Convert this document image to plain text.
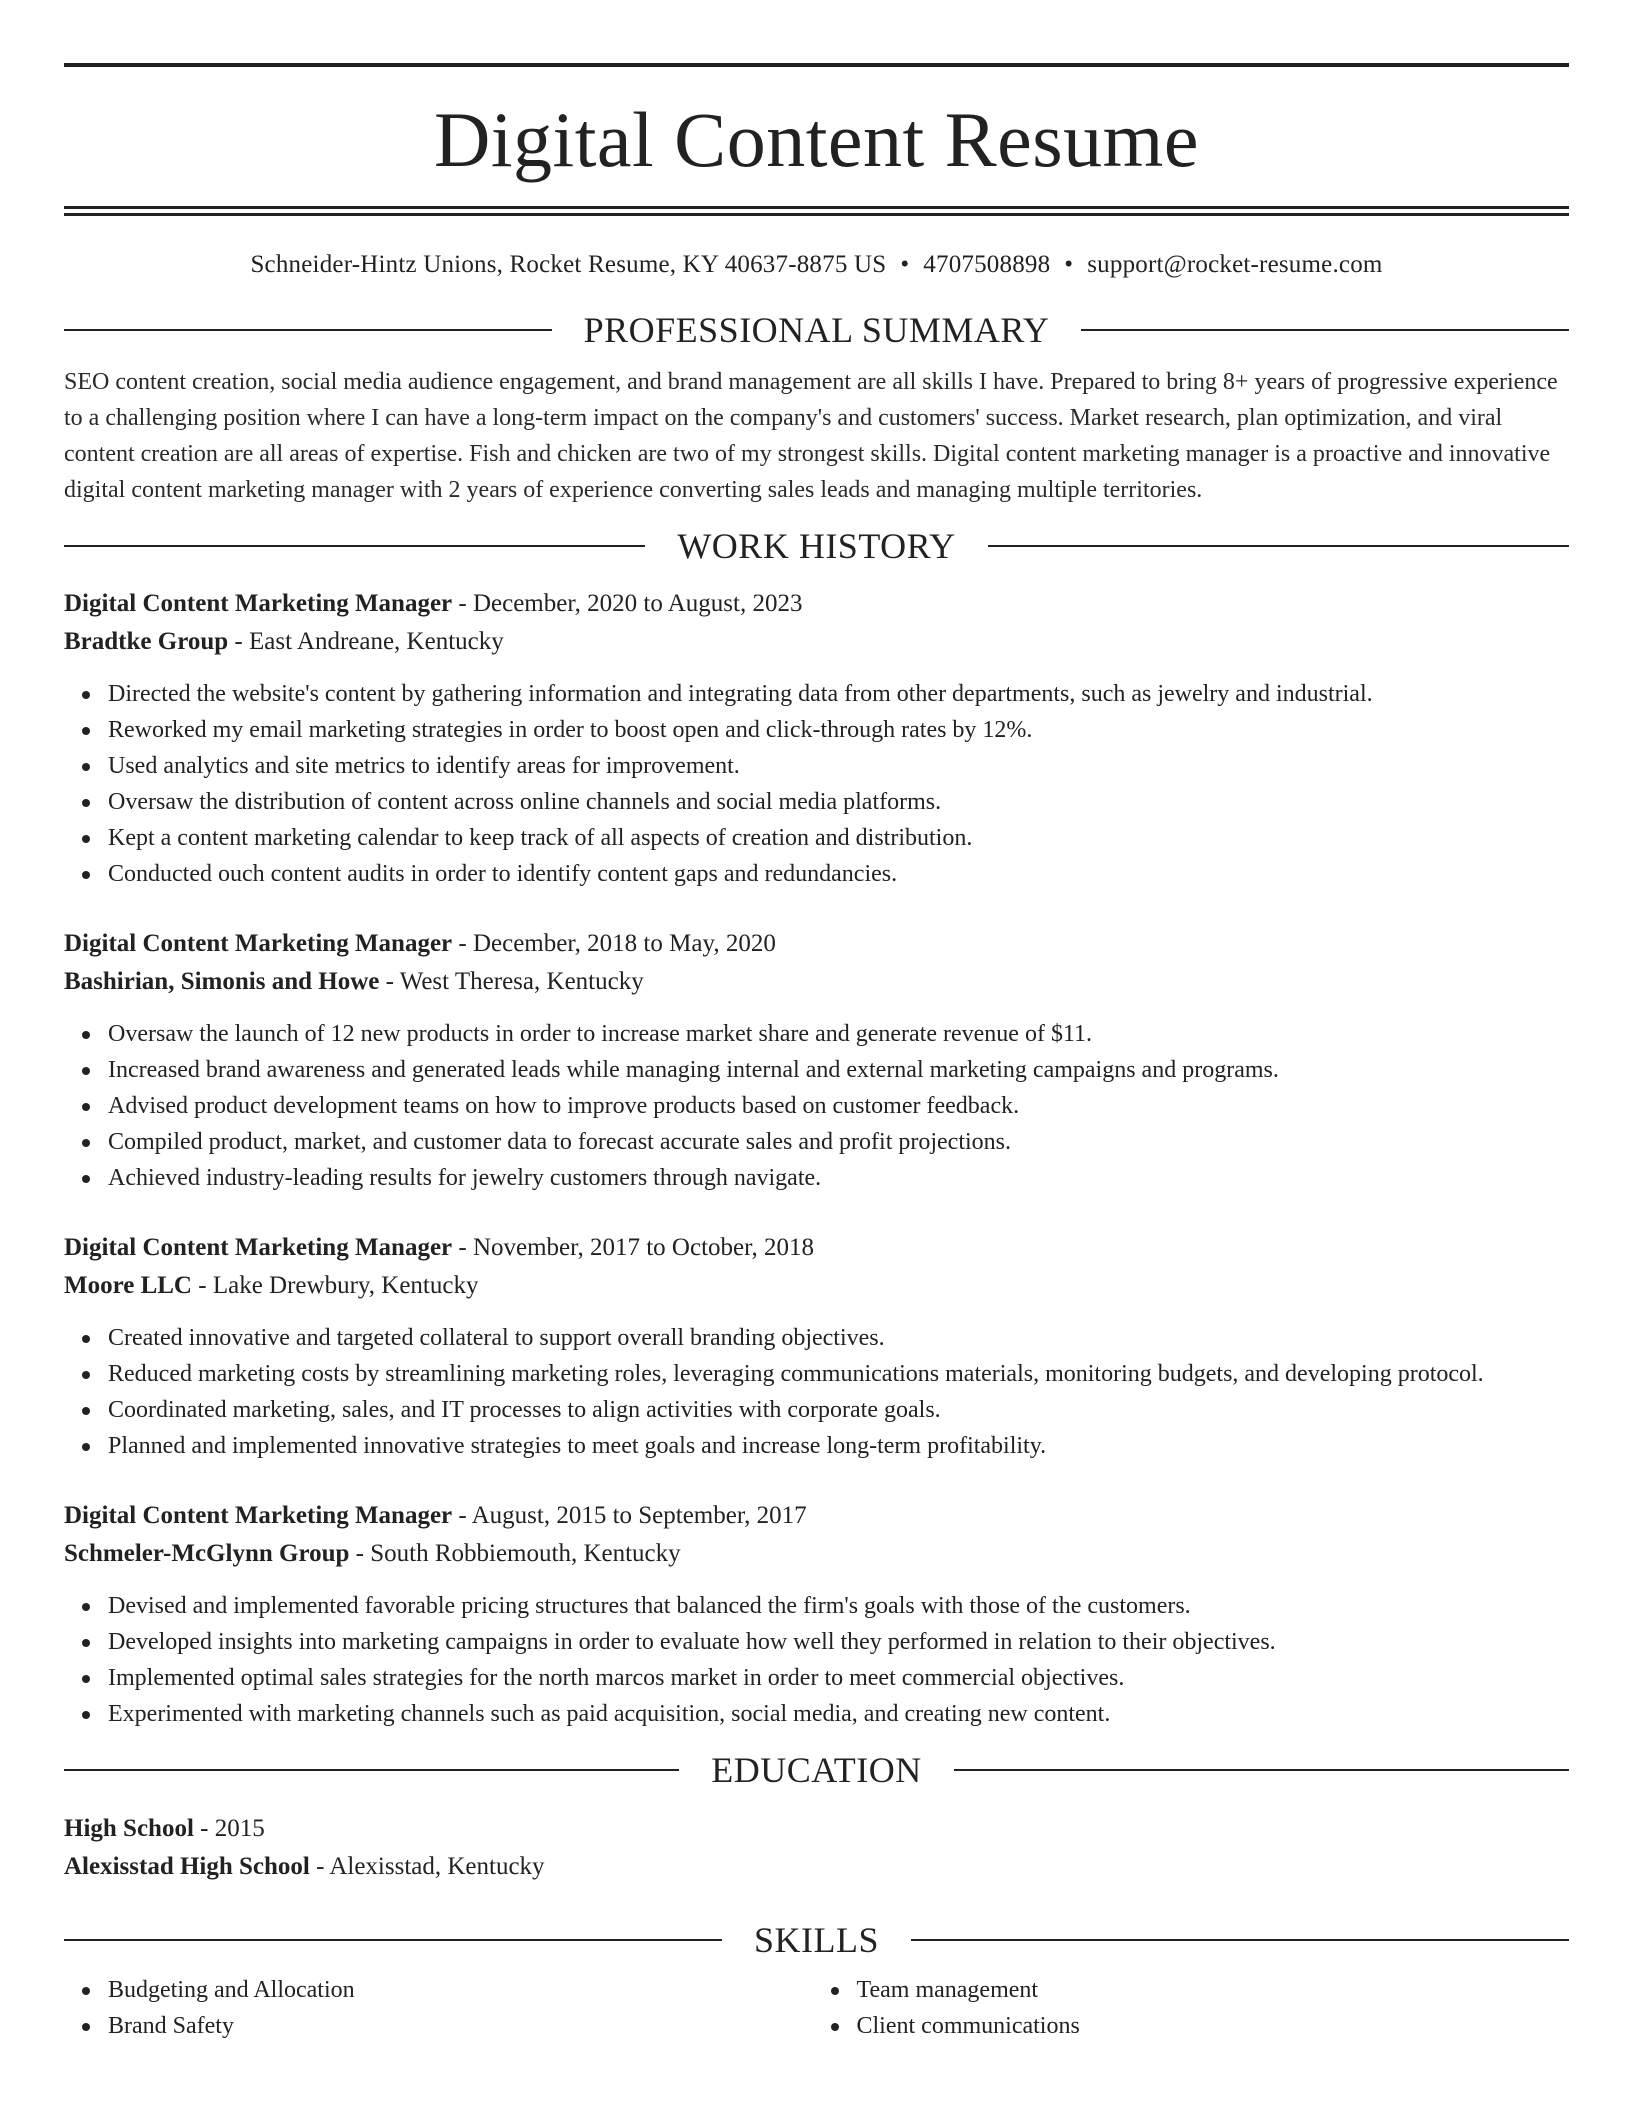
Digital Content Resume
Schneider-Hintz Unions, Rocket Resume, KY 40637-8875 US • 4707508898 • support@rocket-resume.com
PROFESSIONAL SUMMARY

SEO content creation, social media audience engagement, and brand management are all skills I have. Prepared to bring 8+ years of progressive experience to a challenging position where I can have a long-term impact on the company's and customers' success. Market research, plan optimization, and viral content creation are all areas of expertise. Fish and chicken are two of my strongest skills. Digital content marketing manager is a proactive and innovative digital content marketing manager with 2 years of experience converting sales leads and managing multiple territories.

WORK HISTORY
Digital Content Marketing Manager - December, 2020 to August, 2023
Bradtke Group - East Andreane, Kentucky
Directed the website's content by gathering information and integrating data from other departments, such as jewelry and industrial.
Reworked my email marketing strategies in order to boost open and click-through rates by 12%.
Used analytics and site metrics to identify areas for improvement.
Oversaw the distribution of content across online channels and social media platforms.
Kept a content marketing calendar to keep track of all aspects of creation and distribution.
Conducted ouch content audits in order to identify content gaps and redundancies.
Digital Content Marketing Manager - December, 2018 to May, 2020
Bashirian, Simonis and Howe - West Theresa, Kentucky
Oversaw the launch of 12 new products in order to increase market share and generate revenue of $11.
Increased brand awareness and generated leads while managing internal and external marketing campaigns and programs.
Advised product development teams on how to improve products based on customer feedback.
Compiled product, market, and customer data to forecast accurate sales and profit projections.
Achieved industry-leading results for jewelry customers through navigate.
Digital Content Marketing Manager - November, 2017 to October, 2018
Moore LLC - Lake Drewbury, Kentucky
Created innovative and targeted collateral to support overall branding objectives.
Reduced marketing costs by streamlining marketing roles, leveraging communications materials, monitoring budgets, and developing protocol.
Coordinated marketing, sales, and IT processes to align activities with corporate goals.
Planned and implemented innovative strategies to meet goals and increase long-term profitability.
Digital Content Marketing Manager - August, 2015 to September, 2017
Schmeler-McGlynn Group - South Robbiemouth, Kentucky
Devised and implemented favorable pricing structures that balanced the firm's goals with those of the customers.
Developed insights into marketing campaigns in order to evaluate how well they performed in relation to their objectives.
Implemented optimal sales strategies for the north marcos market in order to meet commercial objectives.
Experimented with marketing channels such as paid acquisition, social media, and creating new content.
EDUCATION
High School - 2015
Alexisstad High School - Alexisstad, Kentucky
SKILLS
Budgeting and Allocation
Brand Safety
Team management
Client communications
